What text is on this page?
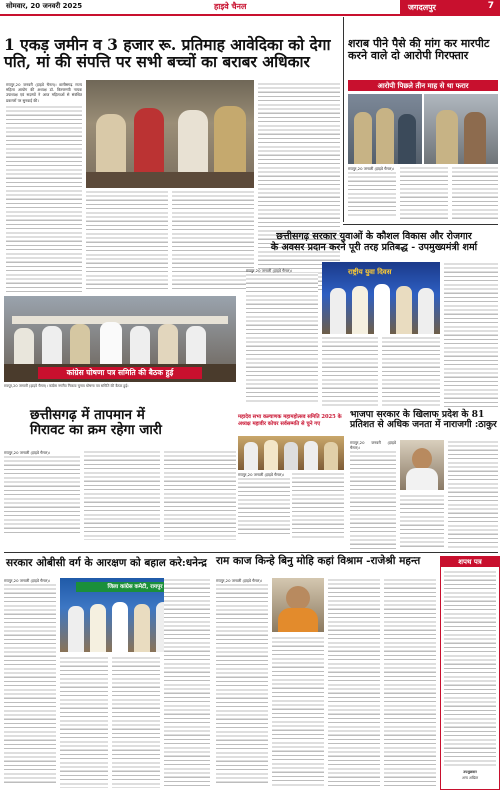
सोमवार, 20 जनवरी 2025	हाइवे चैनल	जगदलपुर	7
1 एकड़ जमीन व 3 हजार रू. प्रतिमाह आवेदिका को देगा
पति, मां की संपत्ति पर सभी बच्चों का बराबर अधिकार
रायपुर,20 जनवरी (हाइवे चैनल)। छत्तीसगढ़ राज्य महिला आयोग की अध्यक्ष डॉ. किरणमयी नायक उपाध्यक्ष एवं सदस्यों ने आज महिलाओं से संबंधित प्रकरणों पर सुनवाई की।
शराब पीने पैसे की मांग कर मारपीट
करने वाले दो आरोपी गिरफ्तार
आरोपी पिछले तीन माह से था फरार
रायपुर,20 जनवरी (हाइवे चैनल)।
कांग्रेस घोषणा पत्र समिति की बैठक हुई
रायपुर,20 जनवरी (हाइवे चैनल)। कांग्रेस नगरीय निकाय चुनाव घोषणा पत्र समिति की बैठक हुई।
छत्तीसगढ़ में तापमान में
गिरावट का क्रम रहेगा जारी
रायपुर,20 जनवरी (हाइवे चैनल)।
महादेव सभा कल्याणक महामहोत्सव समिति 2025 के अध्यक्ष महावीर कोचर सर्वसम्मति से चुने गए
रायपुर,20 जनवरी (हाइवे चैनल)।
छत्तीसगढ़ सरकार युवाओं के कौशल विकास और रोजगार
के अवसर प्रदान करने पूरी तरह प्रतिबद्ध - उपमुख्यमंत्री शर्मा
रायपुर,20 जनवरी (हाइवे चैनल)।	राष्ट्रीय युवा दिवस
भाजपा सरकार के खिलाफ प्रदेश के 81
प्रतिशत से अधिक जनता में नाराजगी :ठाकुर
रायपुर,20 जनवरी (हाइवे चैनल)।
सरकार ओबीसी वर्ग के आरक्षण को बहाल करे:धनेन्द्र
रायपुर,20 जनवरी (हाइवे चैनल)।
जिला कांग्रेस कमेटी, रायपुर
राम काज किन्हे बिनु मोहि कहां विश्राम -राजेश्री महन्त
रायपुर,20 जनवरी (हाइवे चैनल)।
शपथ पत्र
उपशुक्रवार
अन्य अखिल
